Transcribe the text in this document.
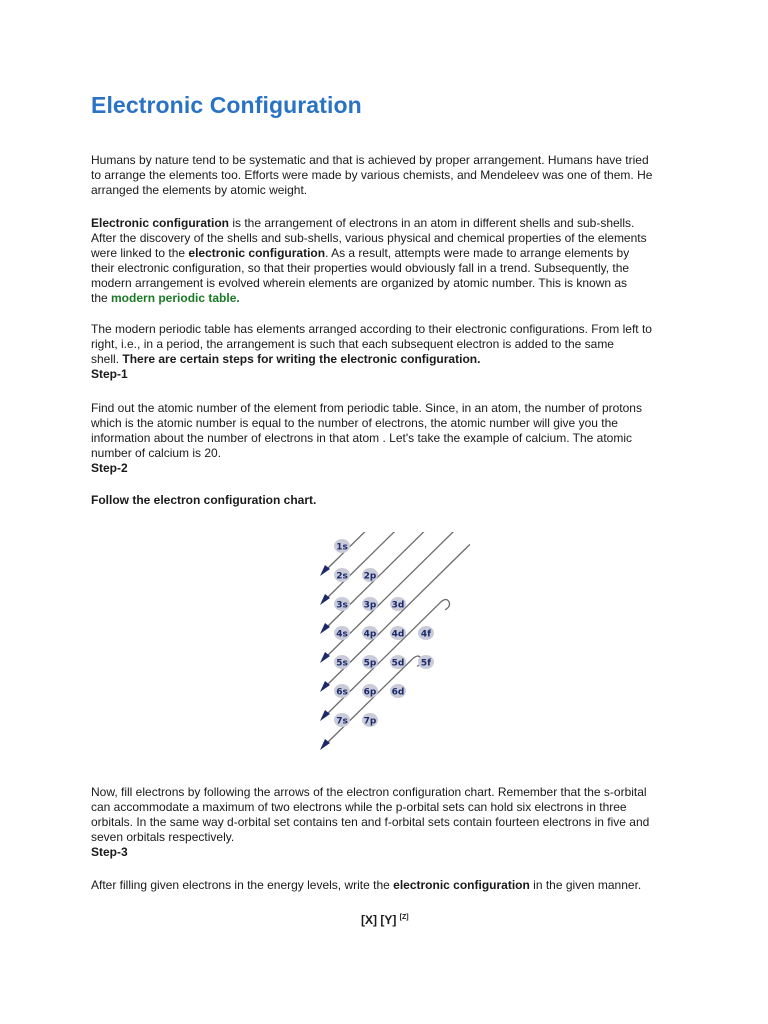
Electronic Configuration
Humans by nature tend to be systematic and that is achieved by proper arrangement. Humans have tried
to arrange the elements too. Efforts were made by various chemists, and Mendeleev was one of them. He
arranged the elements by atomic weight.
Electronic configuration is the arrangement of electrons in an atom in different shells and sub-shells.
After the discovery of the shells and sub-shells, various physical and chemical properties of the elements
were linked to the electronic configuration. As a result, attempts were made to arrange elements by
their electronic configuration, so that their properties would obviously fall in a trend. Subsequently, the
modern arrangement is evolved wherein elements are organized by atomic number. This is known as
the modern periodic table.
The modern periodic table has elements arranged according to their electronic configurations. From left to
right, i.e., in a period, the arrangement is such that each subsequent electron is added to the same
shell. There are certain steps for writing the electronic configuration.
Step-1
Find out the atomic number of the element from periodic table. Since, in an atom, the number of protons
which is the atomic number is equal to the number of electrons, the atomic number will give you the
information about the number of electrons in that atom . Let's take the example of calcium. The atomic
number of calcium is 20.
Step-2
Follow the electron configuration chart.
Now, fill electrons by following the arrows of the electron configuration chart. Remember that the s-orbital
can accommodate a maximum of two electrons while the p-orbital sets can hold six electrons in three
orbitals. In the same way d-orbital set contains ten and f-orbital sets contain fourteen electrons in five and
seven orbitals respectively.
Step-3
After filling given electrons in the energy levels, write the electronic configuration in the given manner.
[X] [Y] [Z]
1s
2s 2p
3s 3p 3d
4s 4p 4d 4f
5s 5p 5d 5f
6s 6p 6d
7s 7p
